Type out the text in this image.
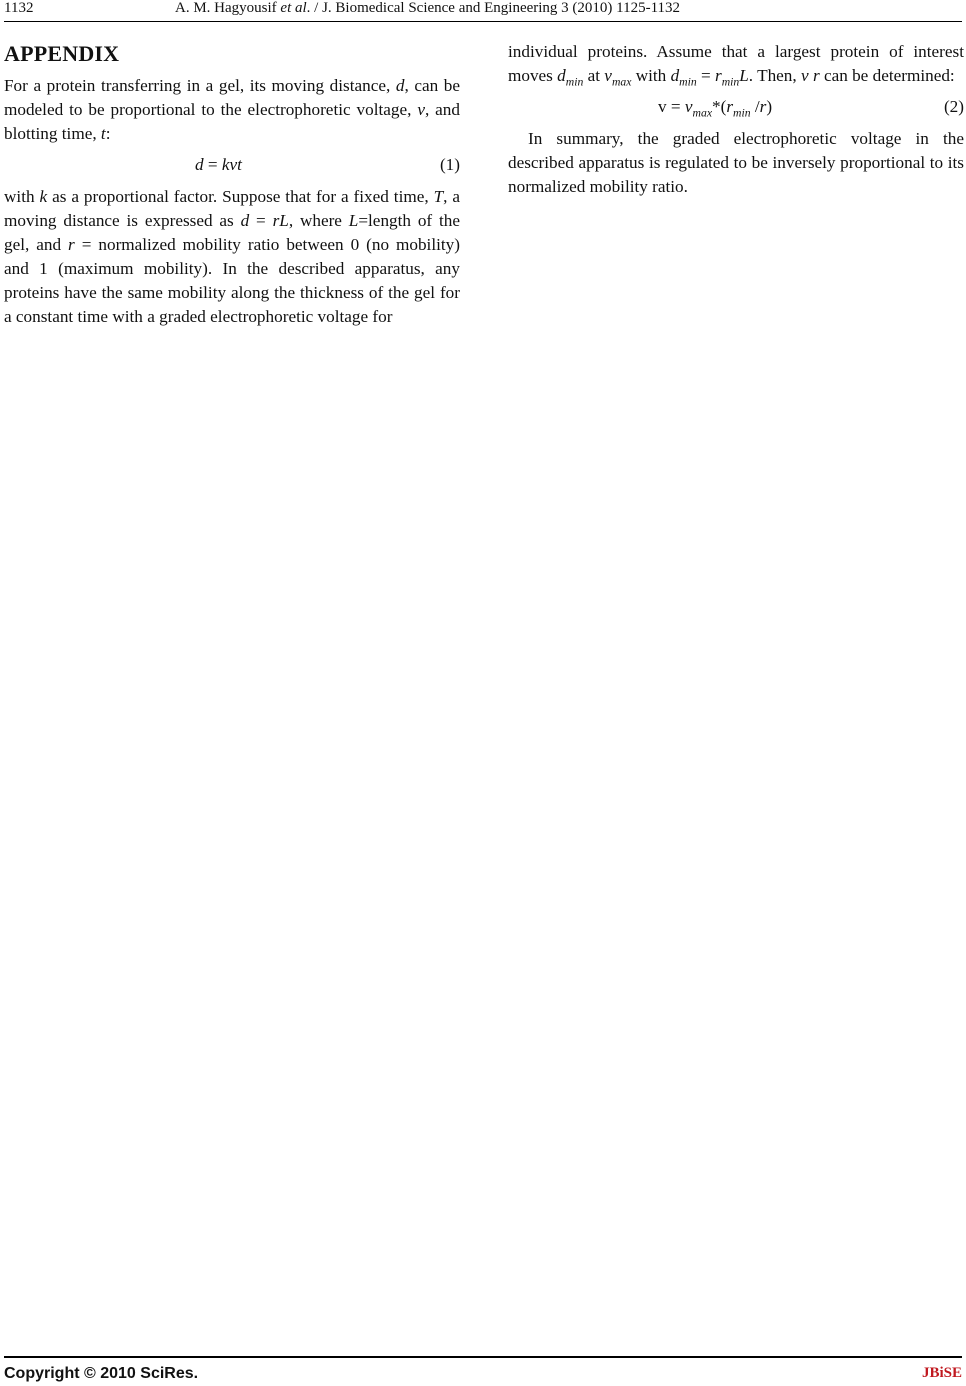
1132	A. M. Hagyousif et al. / J. Biomedical Science and Engineering 3 (2010) 1125-1132
APPENDIX

For a protein transferring in a gel, its moving distance, d, can be modeled to be proportional to the electrophoretic voltage, v, and blotting time, t:

d = kvt	(1)

with k as a proportional factor. Suppose that for a fixed time, T, a moving distance is expressed as d = rL, where L=length of the gel, and r = normalized mobility ratio between 0 (no mobility) and 1 (maximum mobility). In the described apparatus, any proteins have the same mobility along the thickness of the gel for a constant time with a graded electrophoretic voltage for

individual proteins. Assume that a largest protein of interest moves $d_{min}$ at $v_{max}$ with $d_{min} = r_{min}L$. Then, v r can be determined:

$v = v_{max}*(r_{min}$ /r)	(2)

In summary, the graded electrophoretic voltage in the described apparatus is regulated to be inversely proportional to its normalized mobility ratio.

Copyright © 2010 SciRes.	JBiSE
